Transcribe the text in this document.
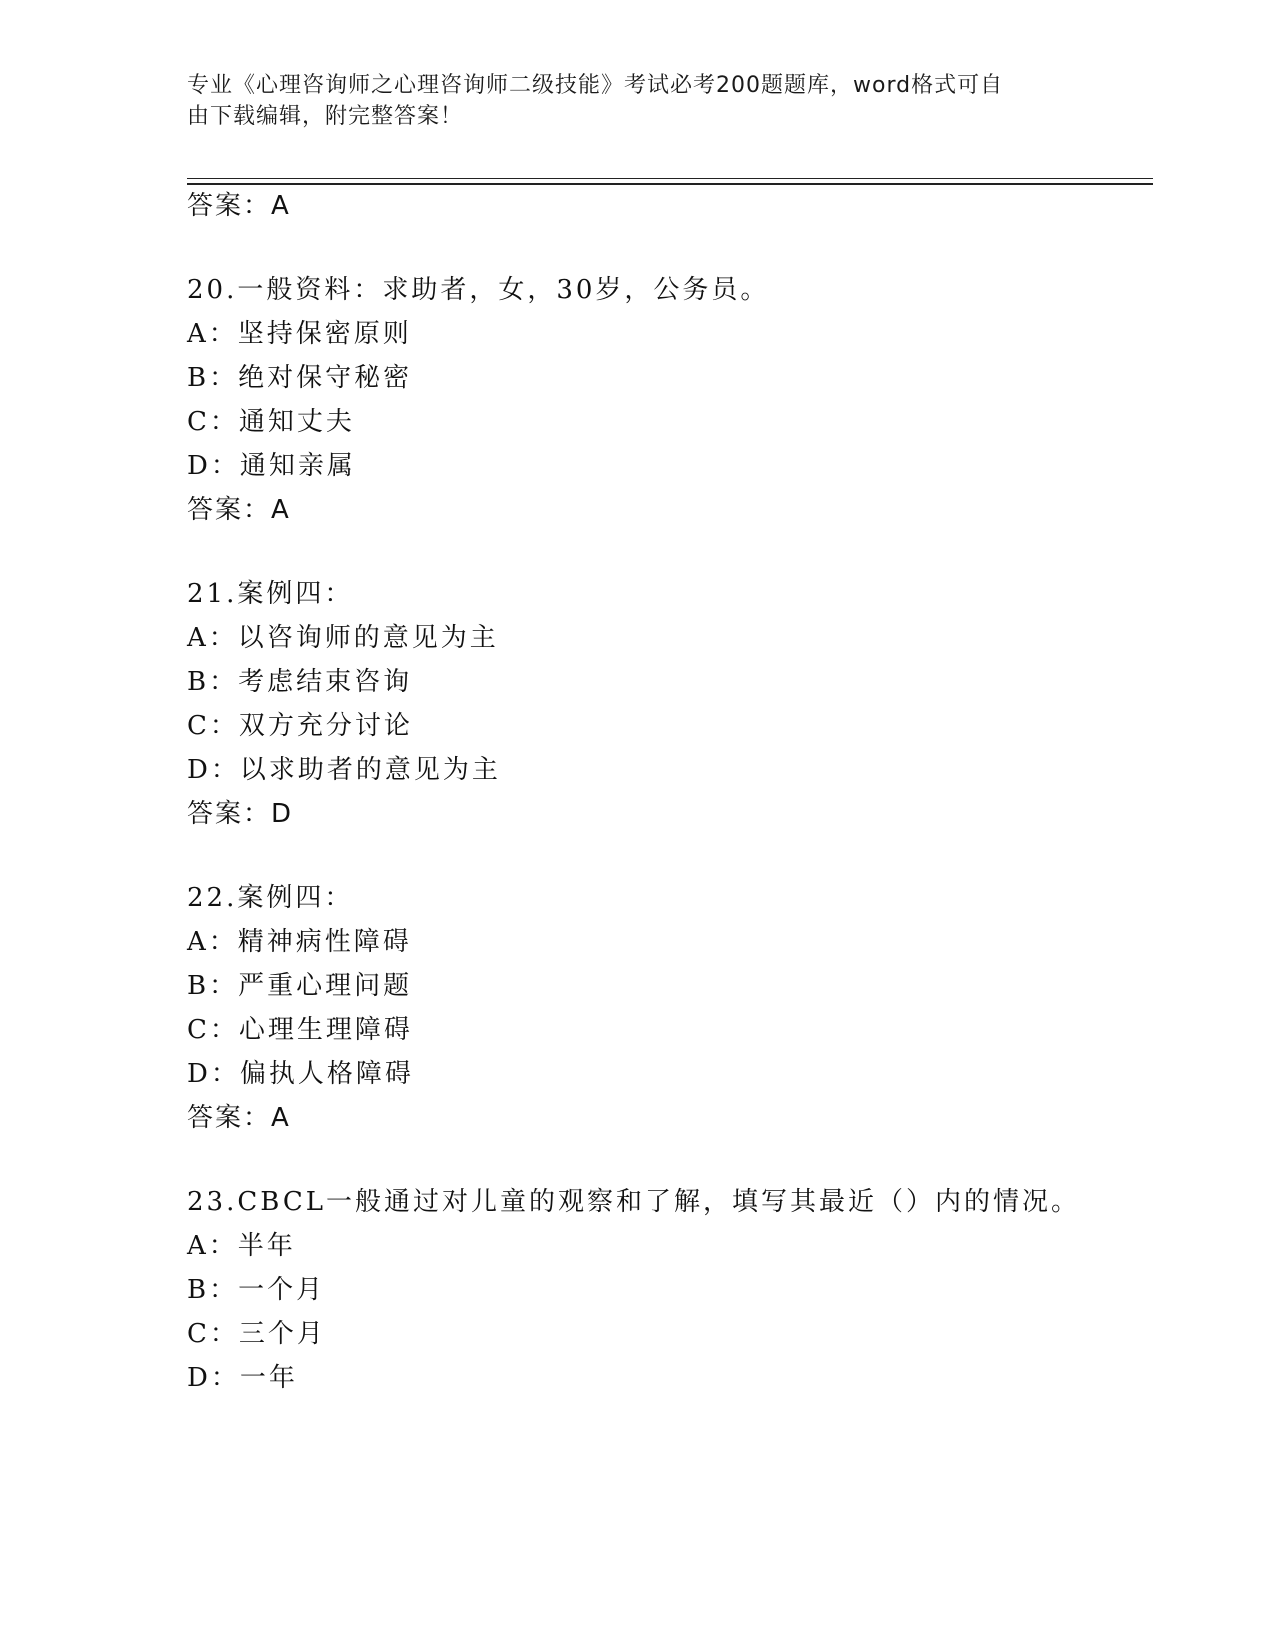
专业《心理咨询师之心理咨询师二级技能》考试必考200题题库，word格式可自
由下载编辑，附完整答案！
答案：A
20.一般资料：求助者，女，30岁，公务员。
A：坚持保密原则
B：绝对保守秘密
C：通知丈夫
D：通知亲属
答案：A
21.案例四：
A：以咨询师的意见为主
B：考虑结束咨询
C：双方充分讨论
D：以求助者的意见为主
答案：D
22.案例四：
A：精神病性障碍
B：严重心理问题
C：心理生理障碍
D：偏执人格障碍
答案：A
23.CBCL一般通过对儿童的观察和了解，填写其最近（）内的情况。
A：半年
B：一个月
C：三个月
D：一年
